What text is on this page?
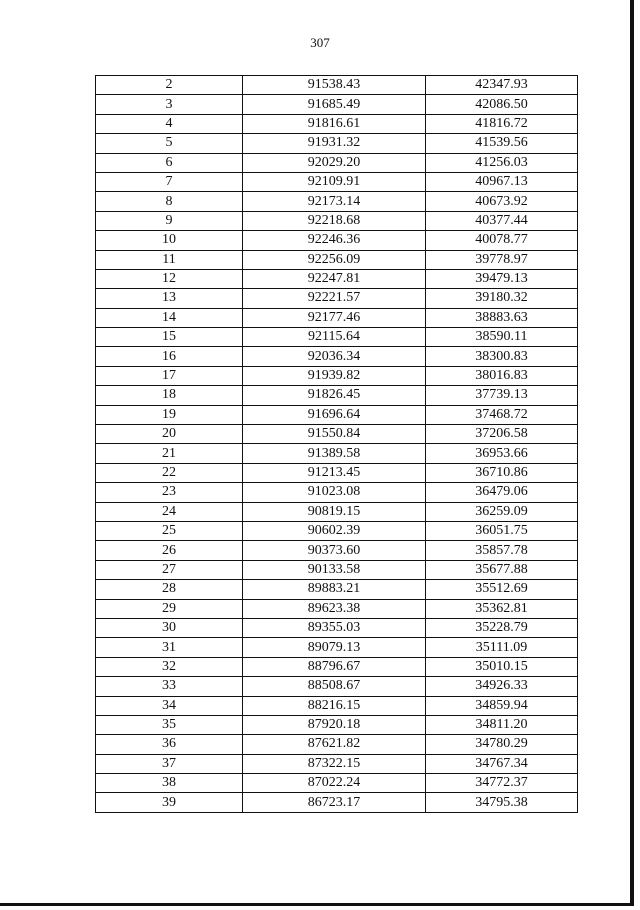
307
2	91538.43	42347.93
3	91685.49	42086.50
4	91816.61	41816.72
5	91931.32	41539.56
6	92029.20	41256.03
7	92109.91	40967.13
8	92173.14	40673.92
9	92218.68	40377.44
10	92246.36	40078.77
11	92256.09	39778.97
12	92247.81	39479.13
13	92221.57	39180.32
14	92177.46	38883.63
15	92115.64	38590.11
16	92036.34	38300.83
17	91939.82	38016.83
18	91826.45	37739.13
19	91696.64	37468.72
20	91550.84	37206.58
21	91389.58	36953.66
22	91213.45	36710.86
23	91023.08	36479.06
24	90819.15	36259.09
25	90602.39	36051.75
26	90373.60	35857.78
27	90133.58	35677.88
28	89883.21	35512.69
29	89623.38	35362.81
30	89355.03	35228.79
31	89079.13	35111.09
32	88796.67	35010.15
33	88508.67	34926.33
34	88216.15	34859.94
35	87920.18	34811.20
36	87621.82	34780.29
37	87322.15	34767.34
38	87022.24	34772.37
39	86723.17	34795.38
